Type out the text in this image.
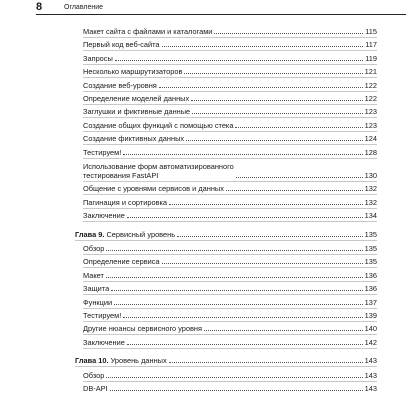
8	Оглавление
Макет сайта с файлами и каталогами	115
Первый код веб-сайта	117
Запросы	119
Несколько маршрутизаторов	121
Создание веб-уровня	122
Определение моделей данных	122
Заглушки и фиктивные данные	123
Создание общих функций с помощью стека	123
Создание фиктивных данных	124
Тестируем!	128
Использование форм автоматизированного
тестирования FastAPI	130
Общение с уровнями сервисов и данных	132
Пагинация и сортировка	132
Заключение	134
Глава 9. Сервисный уровень	135
Обзор	135
Определение сервиса	135
Макет	136
Защита	136
Функции	137
Тестируем!	139
Другие нюансы сервисного уровня	140
Заключение	142
Глава 10. Уровень данных	143
Обзор	143
DB-API	143
